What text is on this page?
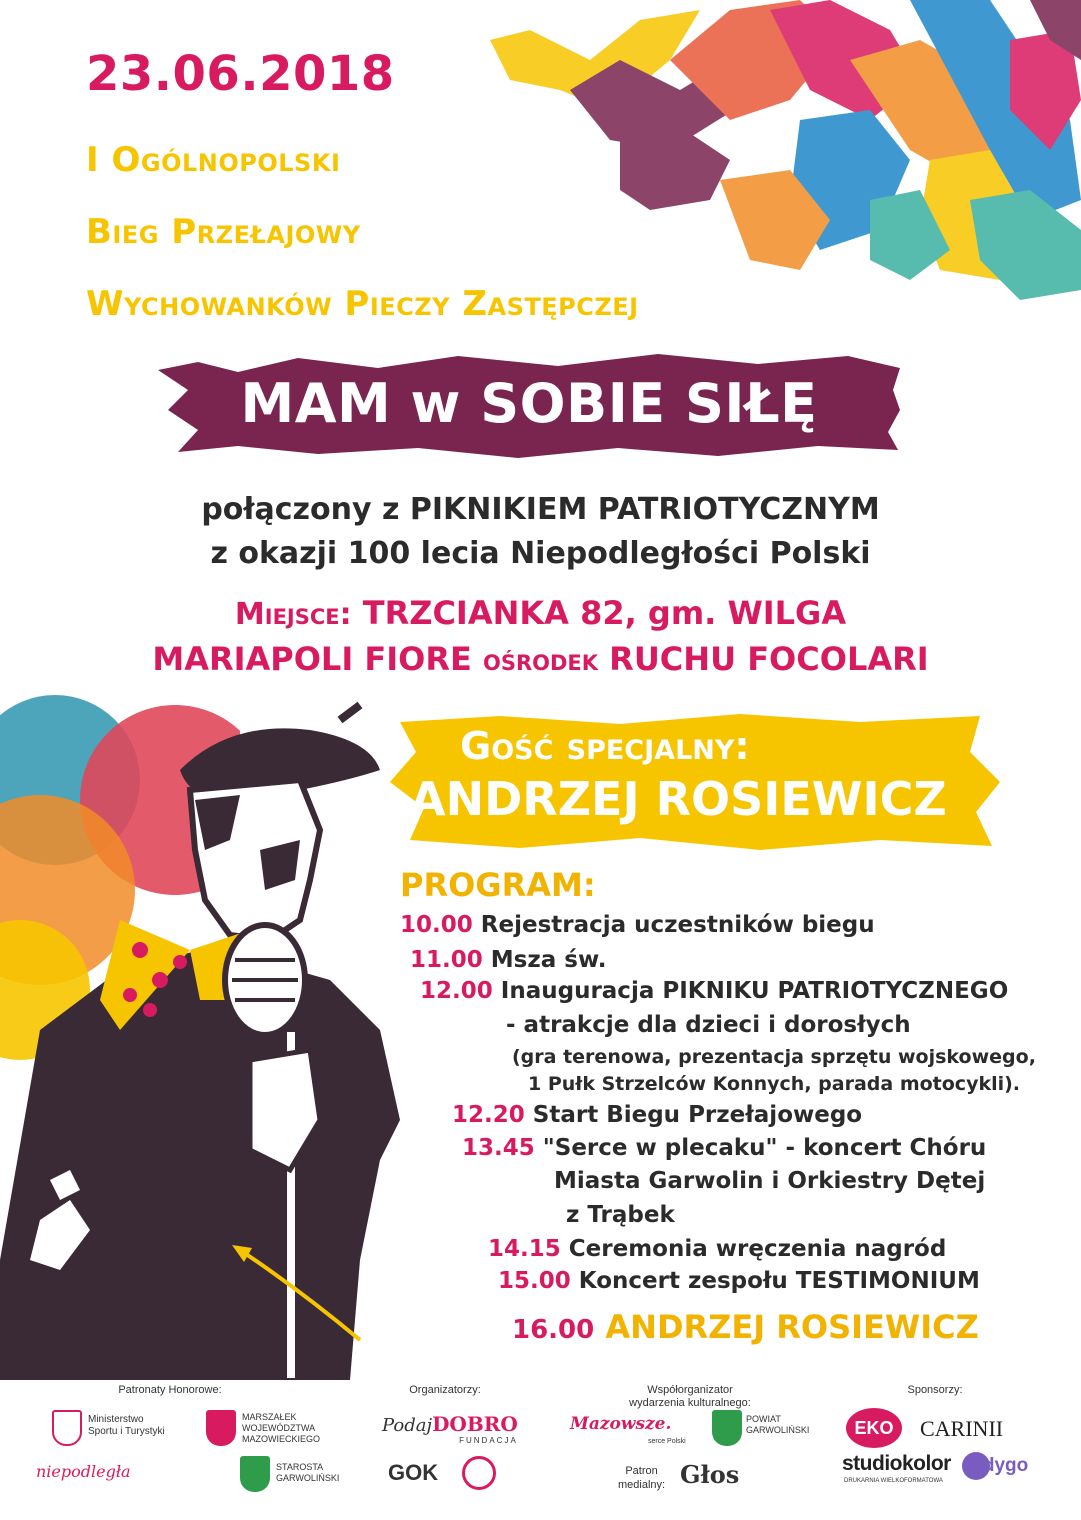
23.06.2018
I Ogólnopolski
Bieg Przełajowy
Wychowanków Pieczy Zastępczej
MAM w SOBIE SIŁĘ
połączony z PIKNIKIEM PATRIOTYCZNYM
z okazji 100 lecia Niepodległości Polski
Miejsce: TRZCIANKA 82, gm. WILGA
MARIAPOLI FIORE ośrodek RUCHU FOCOLARI
Gość specjalny:
ANDRZEJ ROSIEWICZ
PROGRAM:
10.00 Rejestracja uczestników biegu
11.00 Msza św.
12.00 Inauguracja PIKNIKU PATRIOTYCZNEGO
- atrakcje dla dzieci i dorosłych
(gra terenowa, prezentacja sprzętu wojskowego,
1 Pułk Strzelców Konnych, parada motocykli).
12.20 Start Biegu Przełajowego
13.45 "Serce w plecaku" - koncert Chóru
Miasta Garwolin i Orkiestry Dętej
z Trąbek
14.15 Ceremonia wręczenia nagród
15.00 Koncert zespołu TESTIMONIUM
16.00 ANDRZEJ ROSIEWICZ
Patronaty Honorowe:	Organizatorzy:	Współorganizator
wydarzenia kulturalnego:
Sponsorzy:
Ministerstwo
Sportu i Turystyki
MARSZAŁEK
WOJEWÓDZTWA
MAZOWIECKIEGO
niepodległa	STAROSTA
GARWOLIŃSKI
PodajDOBRO
FUNDACJA
GOK
Mazowsze.
serce Polski
POWIAT
GARWOLIŃSKI
Patron
medialny: Głos
EKO	CARINII
studiokolor
DRUKARNIA WIELKOFORMATOWA
indygo
